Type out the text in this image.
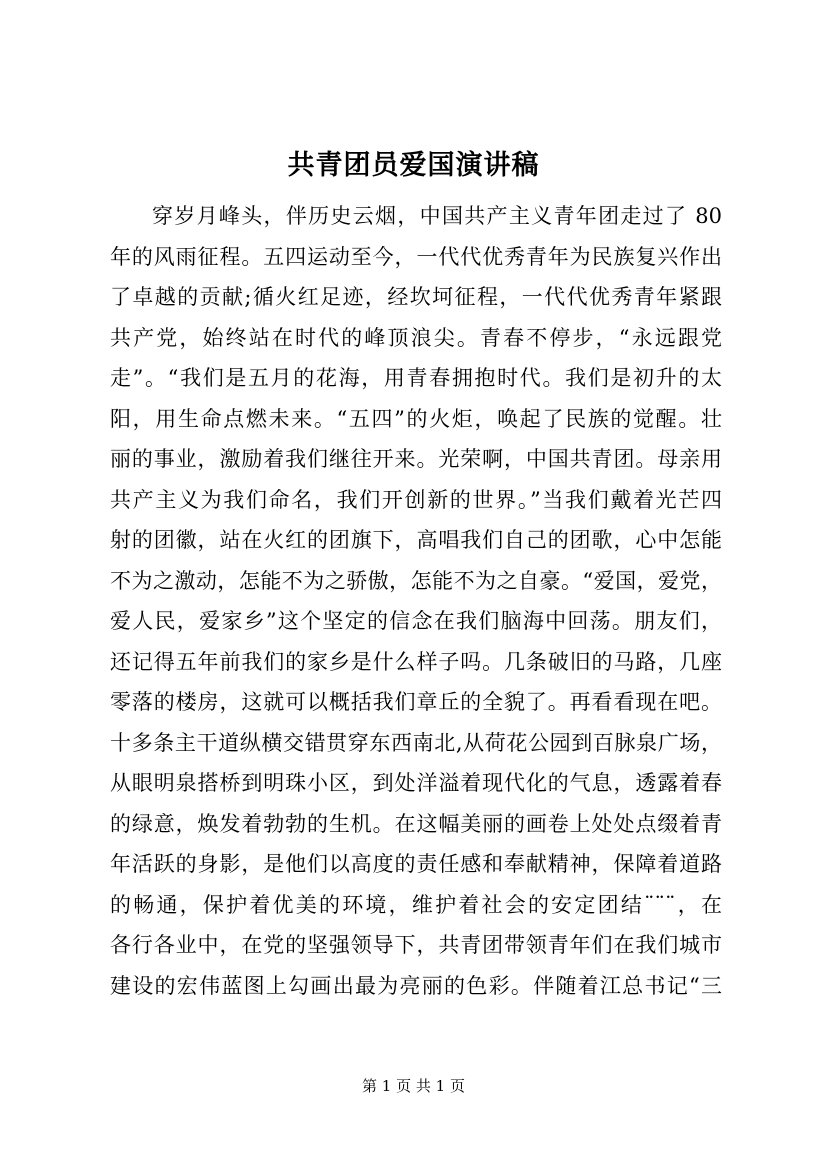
共青团员爱国演讲稿
穿岁月峰头，伴历史云烟，中国共产主义青年团走过了 80
年的风雨征程。五四运动至今，一代代优秀青年为民族复兴作出
了卓越的贡献;循火红足迹，经坎坷征程，一代代优秀青年紧跟
共产党，始终站在时代的峰顶浪尖。青春不停步，“永远跟党
走”。“我们是五月的花海，用青春拥抱时代。我们是初升的太
阳，用生命点燃未来。“五四”的火炬，唤起了民族的觉醒。壮
丽的事业，激励着我们继往开来。光荣啊，中国共青团。母亲用
共产主义为我们命名，我们开创新的世界。”当我们戴着光芒四
射的团徽，站在火红的团旗下，高唱我们自己的团歌，心中怎能
不为之激动，怎能不为之骄傲，怎能不为之自豪。“爱国，爱党，
爱人民，爱家乡”这个坚定的信念在我们脑海中回荡。朋友们，
还记得五年前我们的家乡是什么样子吗。几条破旧的马路，几座
零落的楼房，这就可以概括我们章丘的全貌了。再看看现在吧。
十多条主干道纵横交错贯穿东西南北,从荷花公园到百脉泉广场，
从眼明泉搭桥到明珠小区，到处洋溢着现代化的气息，透露着春
的绿意，焕发着勃勃的生机。在这幅美丽的画卷上处处点缀着青
年活跃的身影，是他们以高度的责任感和奉献精神，保障着道路
的畅通，保护着优美的环境，维护着社会的安定团结¨¨¨，在
各行各业中，在党的坚强领导下，共青团带领青年们在我们城市
建设的宏伟蓝图上勾画出最为亮丽的色彩。伴随着江总书记“三
第 1 页 共 1 页
